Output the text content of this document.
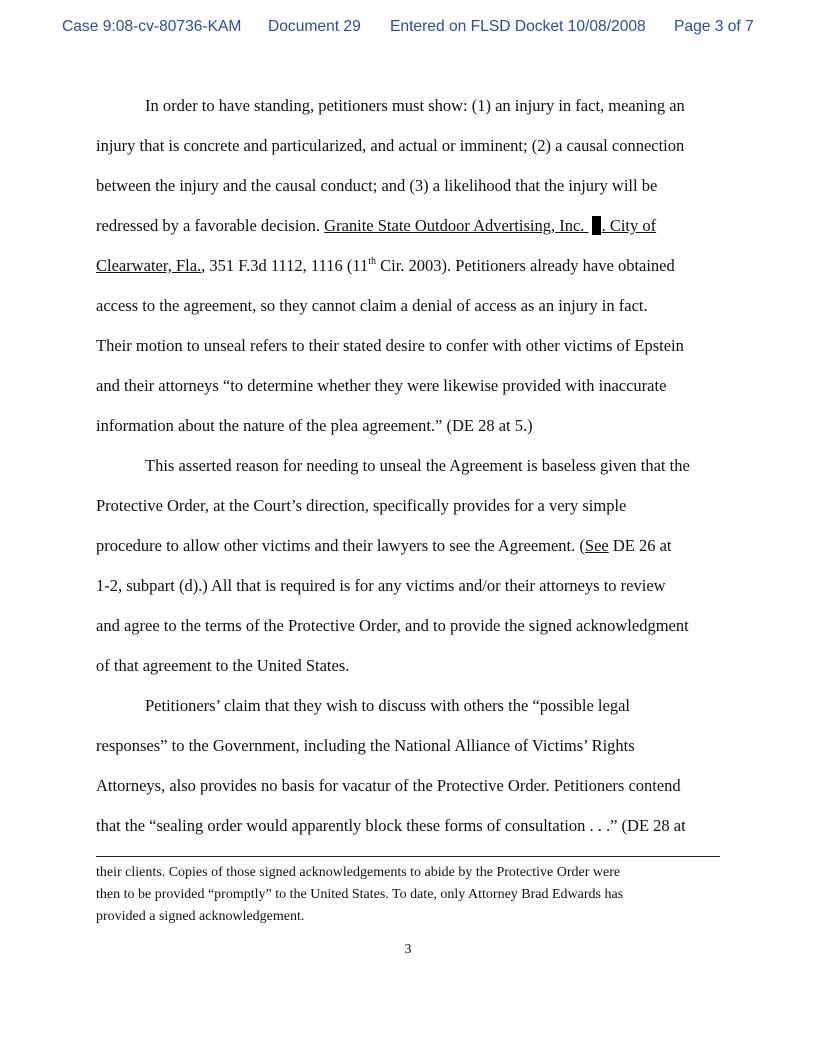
Case 9:08-cv-80736-KAM Document 29 Entered on FLSD Docket 10/08/2008 Page 3 of 7
In order to have standing, petitioners must show: (1) an injury in fact, meaning an
injury that is concrete and particularized, and actual or imminent; (2) a causal connection
between the injury and the causal conduct; and (3) a likelihood that the injury will be
redressed by a favorable decision. Granite State Outdoor Advertising, Inc. . City of
Clearwater, Fla., 351 F.3d 1112, 1116 (11th Cir. 2003). Petitioners already have obtained
access to the agreement, so they cannot claim a denial of access as an injury in fact.
Their motion to unseal refers to their stated desire to confer with other victims of Epstein
and their attorneys “to determine whether they were likewise provided with inaccurate
information about the nature of the plea agreement.” (DE 28 at 5.)
This asserted reason for needing to unseal the Agreement is baseless given that the
Protective Order, at the Court’s direction, specifically provides for a very simple
procedure to allow other victims and their lawyers to see the Agreement. (See DE 26 at
1-2, subpart (d).) All that is required is for any victims and/or their attorneys to review
and agree to the terms of the Protective Order, and to provide the signed acknowledgment
of that agreement to the United States.
Petitioners’ claim that they wish to discuss with others the “possible legal
responses” to the Government, including the National Alliance of Victims’ Rights
Attorneys, also provides no basis for vacatur of the Protective Order. Petitioners contend
that the “sealing order would apparently block these forms of consultation . . .” (DE 28 at
their clients. Copies of those signed acknowledgements to abide by the Protective Order were
then to be provided “promptly” to the United States. To date, only Attorney Brad Edwards has
provided a signed acknowledgement.
3
